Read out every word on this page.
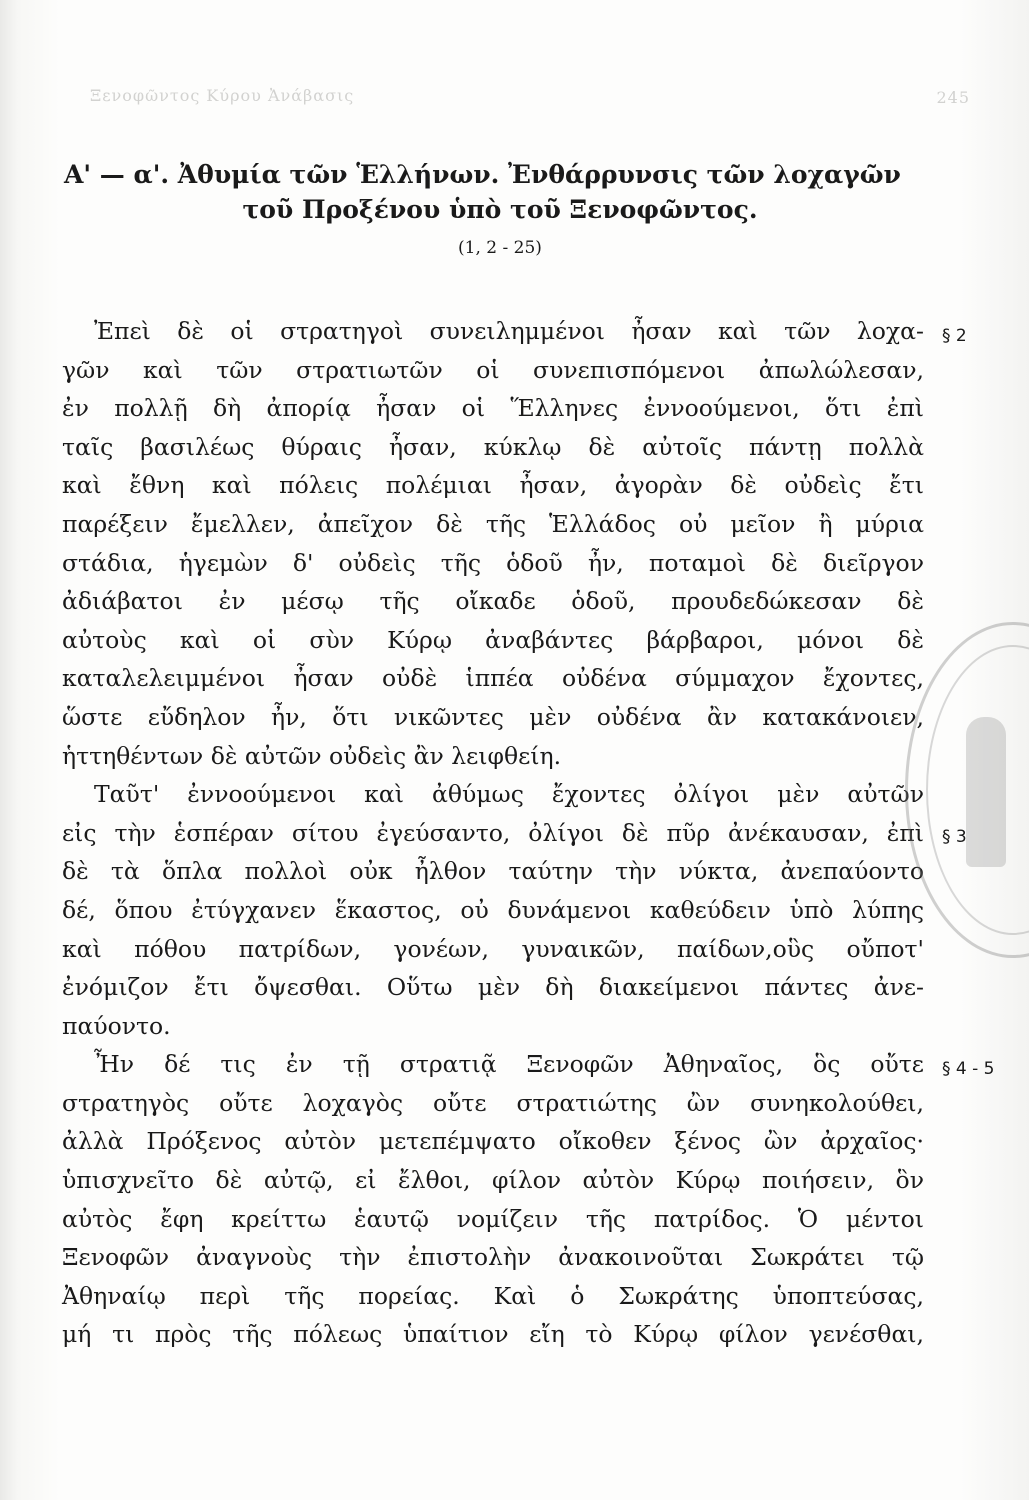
Ξενοφῶντος Κύρου Ἀνάβασις	245
Α' — α'. Ἀθυμία τῶν Ἑλλήνων. Ἐνθάρρυνσις τῶν λοχαγῶν
τοῦ Προξένου ὑπὸ τοῦ Ξενοφῶντος.
(1, 2 - 25)
Ἐπεὶ δὲ οἱ στρατηγοὶ συνειλημμένοι ἦσαν καὶ τῶν λοχα-
γῶν καὶ τῶν στρατιωτῶν οἱ συνεπισπόμενοι ἀπωλώλεσαν,
ἐν πολλῇ δὴ ἀπορίᾳ ἦσαν οἱ Ἕλληνες ἐννοούμενοι, ὅτι ἐπὶ
ταῖς βασιλέως θύραις ἦσαν, κύκλῳ δὲ αὐτοῖς πάντῃ πολλὰ
καὶ ἔθνη καὶ πόλεις πολέμιαι ἦσαν, ἀγορὰν δὲ οὐδεὶς ἔτι
παρέξειν ἔμελλεν, ἀπεῖχον δὲ τῆς Ἑλλάδος οὐ μεῖον ἢ μύρια
στάδια, ἡγεμὼν δ' οὐδεὶς τῆς ὁδοῦ ἦν, ποταμοὶ δὲ διεῖργον
ἀδιάβατοι ἐν μέσῳ τῆς οἴκαδε ὁδοῦ, προυδεδώκεσαν δὲ
αὐτοὺς καὶ οἱ σὺν Κύρῳ ἀναβάντες βάρβαροι, μόνοι δὲ
καταλελειμμένοι ἦσαν οὐδὲ ἱππέα οὐδένα σύμμαχον ἔχοντες,
ὥστε εὔδηλον ἦν, ὅτι νικῶντες μὲν οὐδένα ἂν κατακάνοιεν,
ἡττηθέντων δὲ αὐτῶν οὐδεὶς ἂν λειφθείη.
Ταῦτ' ἐννοούμενοι καὶ ἀθύμως ἔχοντες ὀλίγοι μὲν αὐτῶν
εἰς τὴν ἑσπέραν σίτου ἐγεύσαντο, ὀλίγοι δὲ πῦρ ἀνέκαυσαν, ἐπὶ
δὲ τὰ ὅπλα πολλοὶ οὐκ ἦλθον ταύτην τὴν νύκτα, ἀνεπαύοντο
δέ, ὅπου ἐτύγχανεν ἕκαστος, οὐ δυνάμενοι καθεύδειν ὑπὸ λύπης
καὶ πόθου πατρίδων, γονέων, γυναικῶν, παίδων,οὓς οὔποτ'
ἐνόμιζον ἔτι ὄψεσθαι. Οὕτω μὲν δὴ διακείμενοι πάντες ἀνε-
παύοντο.
Ἦν δέ τις ἐν τῇ στρατιᾷ Ξενοφῶν Ἀθηναῖος, ὃς οὔτε
στρατηγὸς οὔτε λοχαγὸς οὔτε στρατιώτης ὢν συνηκολούθει,
ἀλλὰ Πρόξενος αὐτὸν μετεπέμψατο οἴκοθεν ξένος ὢν ἀρχαῖος·
ὑπισχνεῖτο δὲ αὐτῷ, εἰ ἔλθοι, φίλον αὐτὸν Κύρῳ ποιήσειν, ὃν
αὐτὸς ἔφη κρείττω ἑαυτῷ νομίζειν τῆς πατρίδος. Ὁ μέντοι
Ξενοφῶν ἀναγνοὺς τὴν ἐπιστολὴν ἀνακοινοῦται Σωκράτει τῷ
Ἀθηναίῳ περὶ τῆς πορείας. Καὶ ὁ Σωκράτης ὑποπτεύσας,
μή τι πρὸς τῆς πόλεως ὑπαίτιον εἴη τὸ Κύρῳ φίλον γενέσθαι,
§ 2
§ 3
§ 4 - 5
